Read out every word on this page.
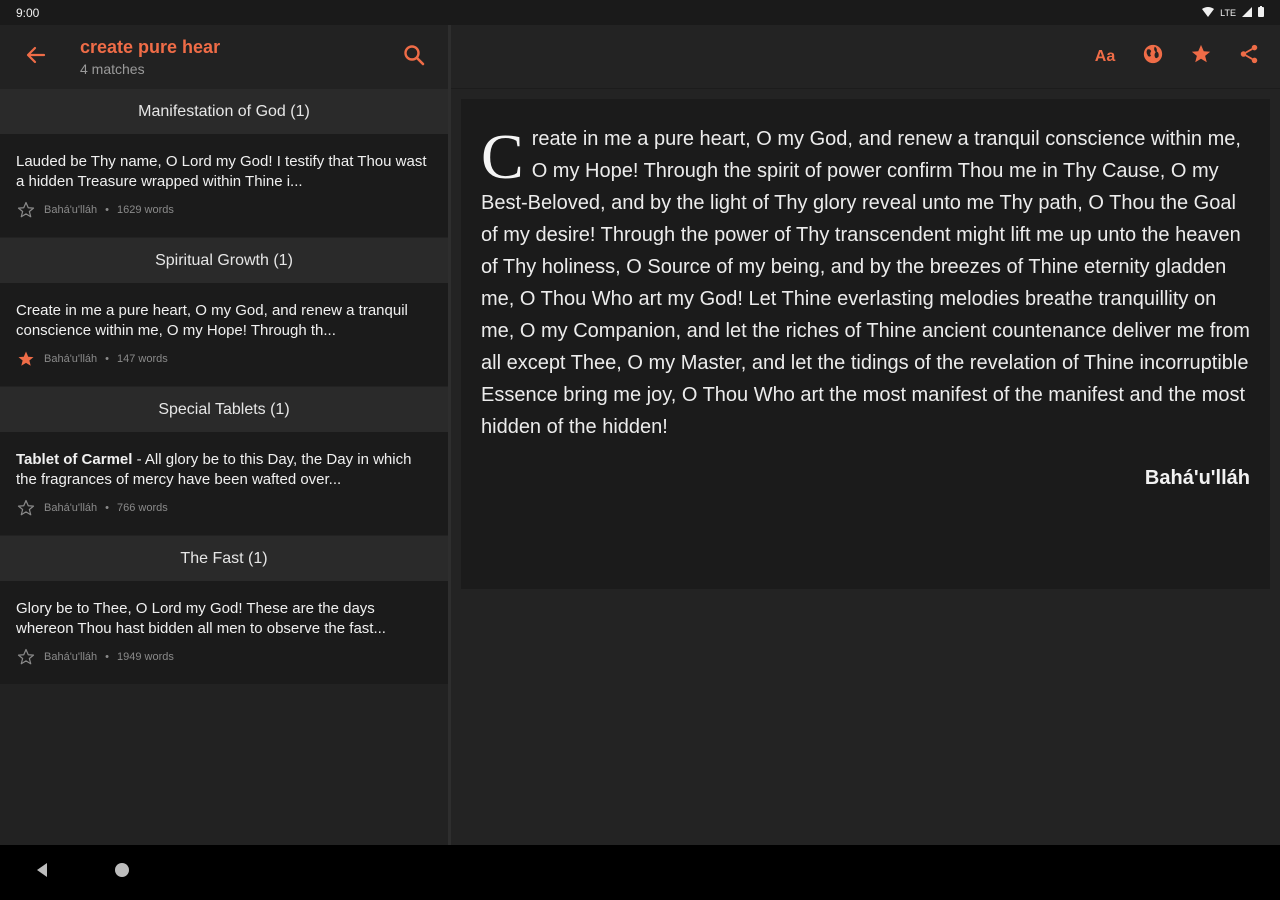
9:00	LTE
create pure hear
4 matches
Manifestation of God (1)
Lauded be Thy name, O Lord my God! I testify that Thou wast a hidden Treasure wrapped within Thine i...
Bahá'u'lláh • 1629 words
Spiritual Growth (1)
Create in me a pure heart, O my God, and renew a tranquil conscience within me, O my Hope! Through th...
Bahá'u'lláh • 147 words
Special Tablets (1)
Tablet of Carmel - All glory be to this Day, the Day in which the fragrances of mercy have been wafted over...
Bahá'u'lláh • 766 words
The Fast (1)
Glory be to Thee, O Lord my God! These are the days whereon Thou hast bidden all men to observe the fast...
Bahá'u'lláh • 1949 words
Aa

Create in me a pure heart, O my God, and renew a tranquil conscience within me, O my Hope! Through the spirit of power confirm Thou me in Thy Cause, O my Best-Beloved, and by the light of Thy glory reveal unto me Thy path, O Thou the Goal of my desire! Through the power of Thy transcendent might lift me up unto the heaven of Thy holiness, O Source of my being, and by the breezes of Thine eternity gladden me, O Thou Who art my God! Let Thine everlasting melodies breathe tranquillity on me, O my Companion, and let the riches of Thine ancient countenance deliver me from all except Thee, O my Master, and let the tidings of the revelation of Thine incorruptible Essence bring me joy, O Thou Who art the most manifest of the manifest and the most hidden of the hidden!

Bahá'u'lláh
